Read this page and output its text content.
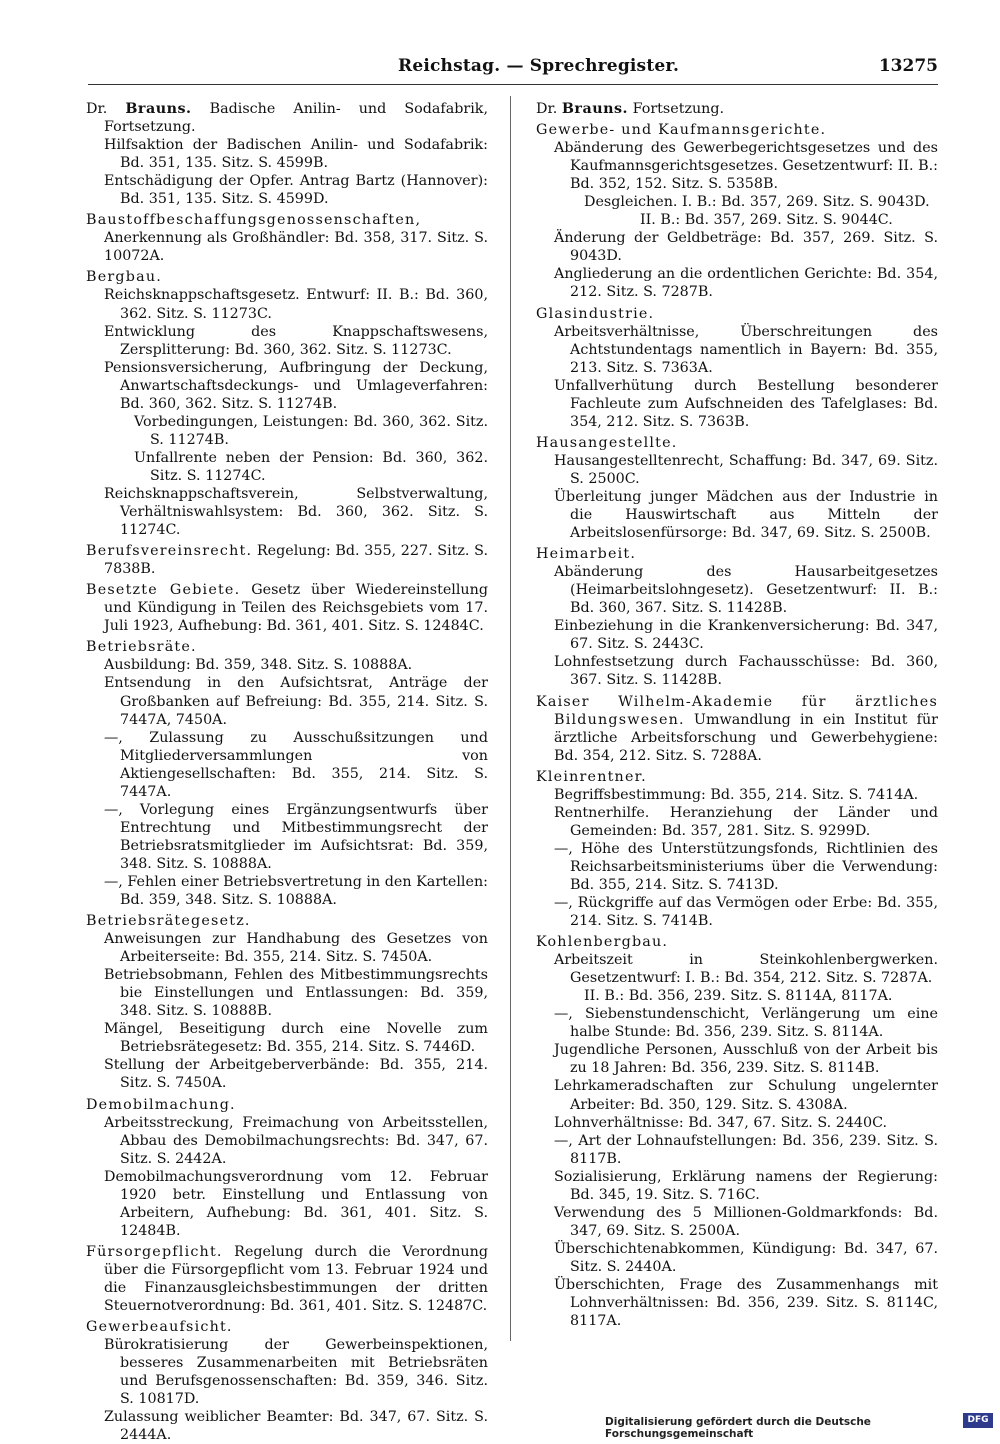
Reichstag. — Sprechregister.	13275

Dr. Brauns. Badische Anilin- und Sodafabrik, Fortsetzung.

Hilfsaktion der Badischen Anilin- und Sodafabrik: Bd. 351, 135. Sitz. S. 4599B.

Entschädigung der Opfer. Antrag Bartz (Hannover): Bd. 351, 135. Sitz. S. 4599D.

Baustoffbeschaffungsgenossenschaften, Anerkennung als Großhändler: Bd. 358, 317. Sitz. S. 10072A.

Bergbau.

Reichsknappschaftsgesetz. Entwurf: II. B.: Bd. 360, 362. Sitz. S. 11273C.

Entwicklung des Knappschaftswesens, Zersplitterung: Bd. 360, 362. Sitz. S. 11273C.

Pensionsversicherung, Aufbringung der Deckung, Anwartschaftsdeckungs- und Umlageverfahren: Bd. 360, 362. Sitz. S. 11274B.

Vorbedingungen, Leistungen: Bd. 360, 362. Sitz. S. 11274B.

Unfallrente neben der Pension: Bd. 360, 362. Sitz. S. 11274C.

Reichsknappschaftsverein, Selbstverwaltung, Verhältniswahlsystem: Bd. 360, 362. Sitz. S. 11274C.

Berufsvereinsrecht. Regelung: Bd. 355, 227. Sitz. S. 7838B.

Besetzte Gebiete. Gesetz über Wiedereinstellung und Kündigung in Teilen des Reichsgebiets vom 17. Juli 1923, Aufhebung: Bd. 361, 401. Sitz. S. 12484C.

Betriebsräte.

Ausbildung: Bd. 359, 348. Sitz. S. 10888A.

Entsendung in den Aufsichtsrat, Anträge der Großbanken auf Befreiung: Bd. 355, 214. Sitz. S. 7447A, 7450A.

—, Zulassung zu Ausschußsitzungen und Mitgliederversammlungen von Aktiengesellschaften: Bd. 355, 214. Sitz. S. 7447A.

—, Vorlegung eines Ergänzungsentwurfs über Entrechtung und Mitbestimmungsrecht der Betriebsratsmitglieder im Aufsichtsrat: Bd. 359, 348. Sitz. S. 10888A.

—, Fehlen einer Betriebsvertretung in den Kartellen: Bd. 359, 348. Sitz. S. 10888A.

Betriebsrätegesetz.

Anweisungen zur Handhabung des Gesetzes von Arbeiterseite: Bd. 355, 214. Sitz. S. 7450A.

Betriebsobmann, Fehlen des Mitbestimmungsrechts bie Einstellungen und Entlassungen: Bd. 359, 348. Sitz. S. 10888B.

Mängel, Beseitigung durch eine Novelle zum Betriebsrätegesetz: Bd. 355, 214. Sitz. S. 7446D.

Stellung der Arbeitgeberverbände: Bd. 355, 214. Sitz. S. 7450A.

Demobilmachung.

Arbeitsstreckung, Freimachung von Arbeitsstellen, Abbau des Demobilmachungsrechts: Bd. 347, 67. Sitz. S. 2442A.

Demobilmachungsverordnung vom 12. Februar 1920 betr. Einstellung und Entlassung von Arbeitern, Aufhebung: Bd. 361, 401. Sitz. S. 12484B.

Fürsorgepflicht. Regelung durch die Verordnung über die Fürsorgepflicht vom 13. Februar 1924 und die Finanzausgleichsbestimmungen der dritten Steuernotverordnung: Bd. 361, 401. Sitz. S. 12487C.

Gewerbeaufsicht.

Bürokratisierung der Gewerbeinspektionen, besseres Zusammenarbeiten mit Betriebsräten und Berufsgenossenschaften: Bd. 359, 346. Sitz. S. 10817D.

Zulassung weiblicher Beamter: Bd. 347, 67. Sitz. S. 2444A.

Dr. Brauns. Fortsetzung.

Gewerbe- und Kaufmannsgerichte.

Abänderung des Gewerbegerichtsgesetzes und des Kaufmannsgerichtsgesetzes. Gesetzentwurf: II. B.: Bd. 352, 152. Sitz. S. 5358B.

Desgleichen. I. B.: Bd. 357, 269. Sitz. S. 9043D.

II. B.: Bd. 357, 269. Sitz. S. 9044C.

Änderung der Geldbeträge: Bd. 357, 269. Sitz. S. 9043D.

Angliederung an die ordentlichen Gerichte: Bd. 354, 212. Sitz. S. 7287B.

Glasindustrie.

Arbeitsverhältnisse, Überschreitungen des Achtstundentags namentlich in Bayern: Bd. 355, 213. Sitz. S. 7363A.

Unfallverhütung durch Bestellung besonderer Fachleute zum Aufschneiden des Tafelglases: Bd. 354, 212. Sitz. S. 7363B.

Hausangestellte.

Hausangestelltenrecht, Schaffung: Bd. 347, 69. Sitz. S. 2500C.

Überleitung junger Mädchen aus der Industrie in die Hauswirtschaft aus Mitteln der Arbeitslosenfürsorge: Bd. 347, 69. Sitz. S. 2500B.

Heimarbeit.

Abänderung des Hausarbeitgesetzes (Heimarbeitslohngesetz). Gesetzentwurf: II. B.: Bd. 360, 367. Sitz. S. 11428B.

Einbeziehung in die Krankenversicherung: Bd. 347, 67. Sitz. S. 2443C.

Lohnfestsetzung durch Fachausschüsse: Bd. 360, 367. Sitz. S. 11428B.

Kaiser Wilhelm-Akademie für ärztliches Bildungswesen. Umwandlung in ein Institut für ärztliche Arbeitsforschung und Gewerbehygiene: Bd. 354, 212. Sitz. S. 7288A.

Kleinrentner.

Begriffsbestimmung: Bd. 355, 214. Sitz. S. 7414A.

Rentnerhilfe. Heranziehung der Länder und Gemeinden: Bd. 357, 281. Sitz. S. 9299D.

—, Höhe des Unterstützungsfonds, Richtlinien des Reichsarbeitsministeriums über die Verwendung: Bd. 355, 214. Sitz. S. 7413D.

—, Rückgriffe auf das Vermögen oder Erbe: Bd. 355, 214. Sitz. S. 7414B.

Kohlenbergbau.

Arbeitszeit in Steinkohlenbergwerken. Gesetzentwurf: I. B.: Bd. 354, 212. Sitz. S. 7287A.

II. B.: Bd. 356, 239. Sitz. S. 8114A, 8117A.

—, Siebenstundenschicht, Verlängerung um eine halbe Stunde: Bd. 356, 239. Sitz. S. 8114A.

Jugendliche Personen, Ausschluß von der Arbeit bis zu 18 Jahren: Bd. 356, 239. Sitz. S. 8114B.

Lehrkameradschaften zur Schulung ungelernter Arbeiter: Bd. 350, 129. Sitz. S. 4308A.

Lohnverhältnisse: Bd. 347, 67. Sitz. S. 2440C.

—, Art der Lohnaufstellungen: Bd. 356, 239. Sitz. S. 8117B.

Sozialisierung, Erklärung namens der Regierung: Bd. 345, 19. Sitz. S. 716C.

Verwendung des 5 Millionen-Goldmarkfonds: Bd. 347, 69. Sitz. S. 2500A.

Überschichtenabkommen, Kündigung: Bd. 347, 67. Sitz. S. 2440A.

Überschichten, Frage des Zusammenhangs mit Lohnverhältnissen: Bd. 356, 239. Sitz. S. 8114C, 8117A.

Digitalisierung gefördert durch die Deutsche Forschungsgemeinschaft
DFG
